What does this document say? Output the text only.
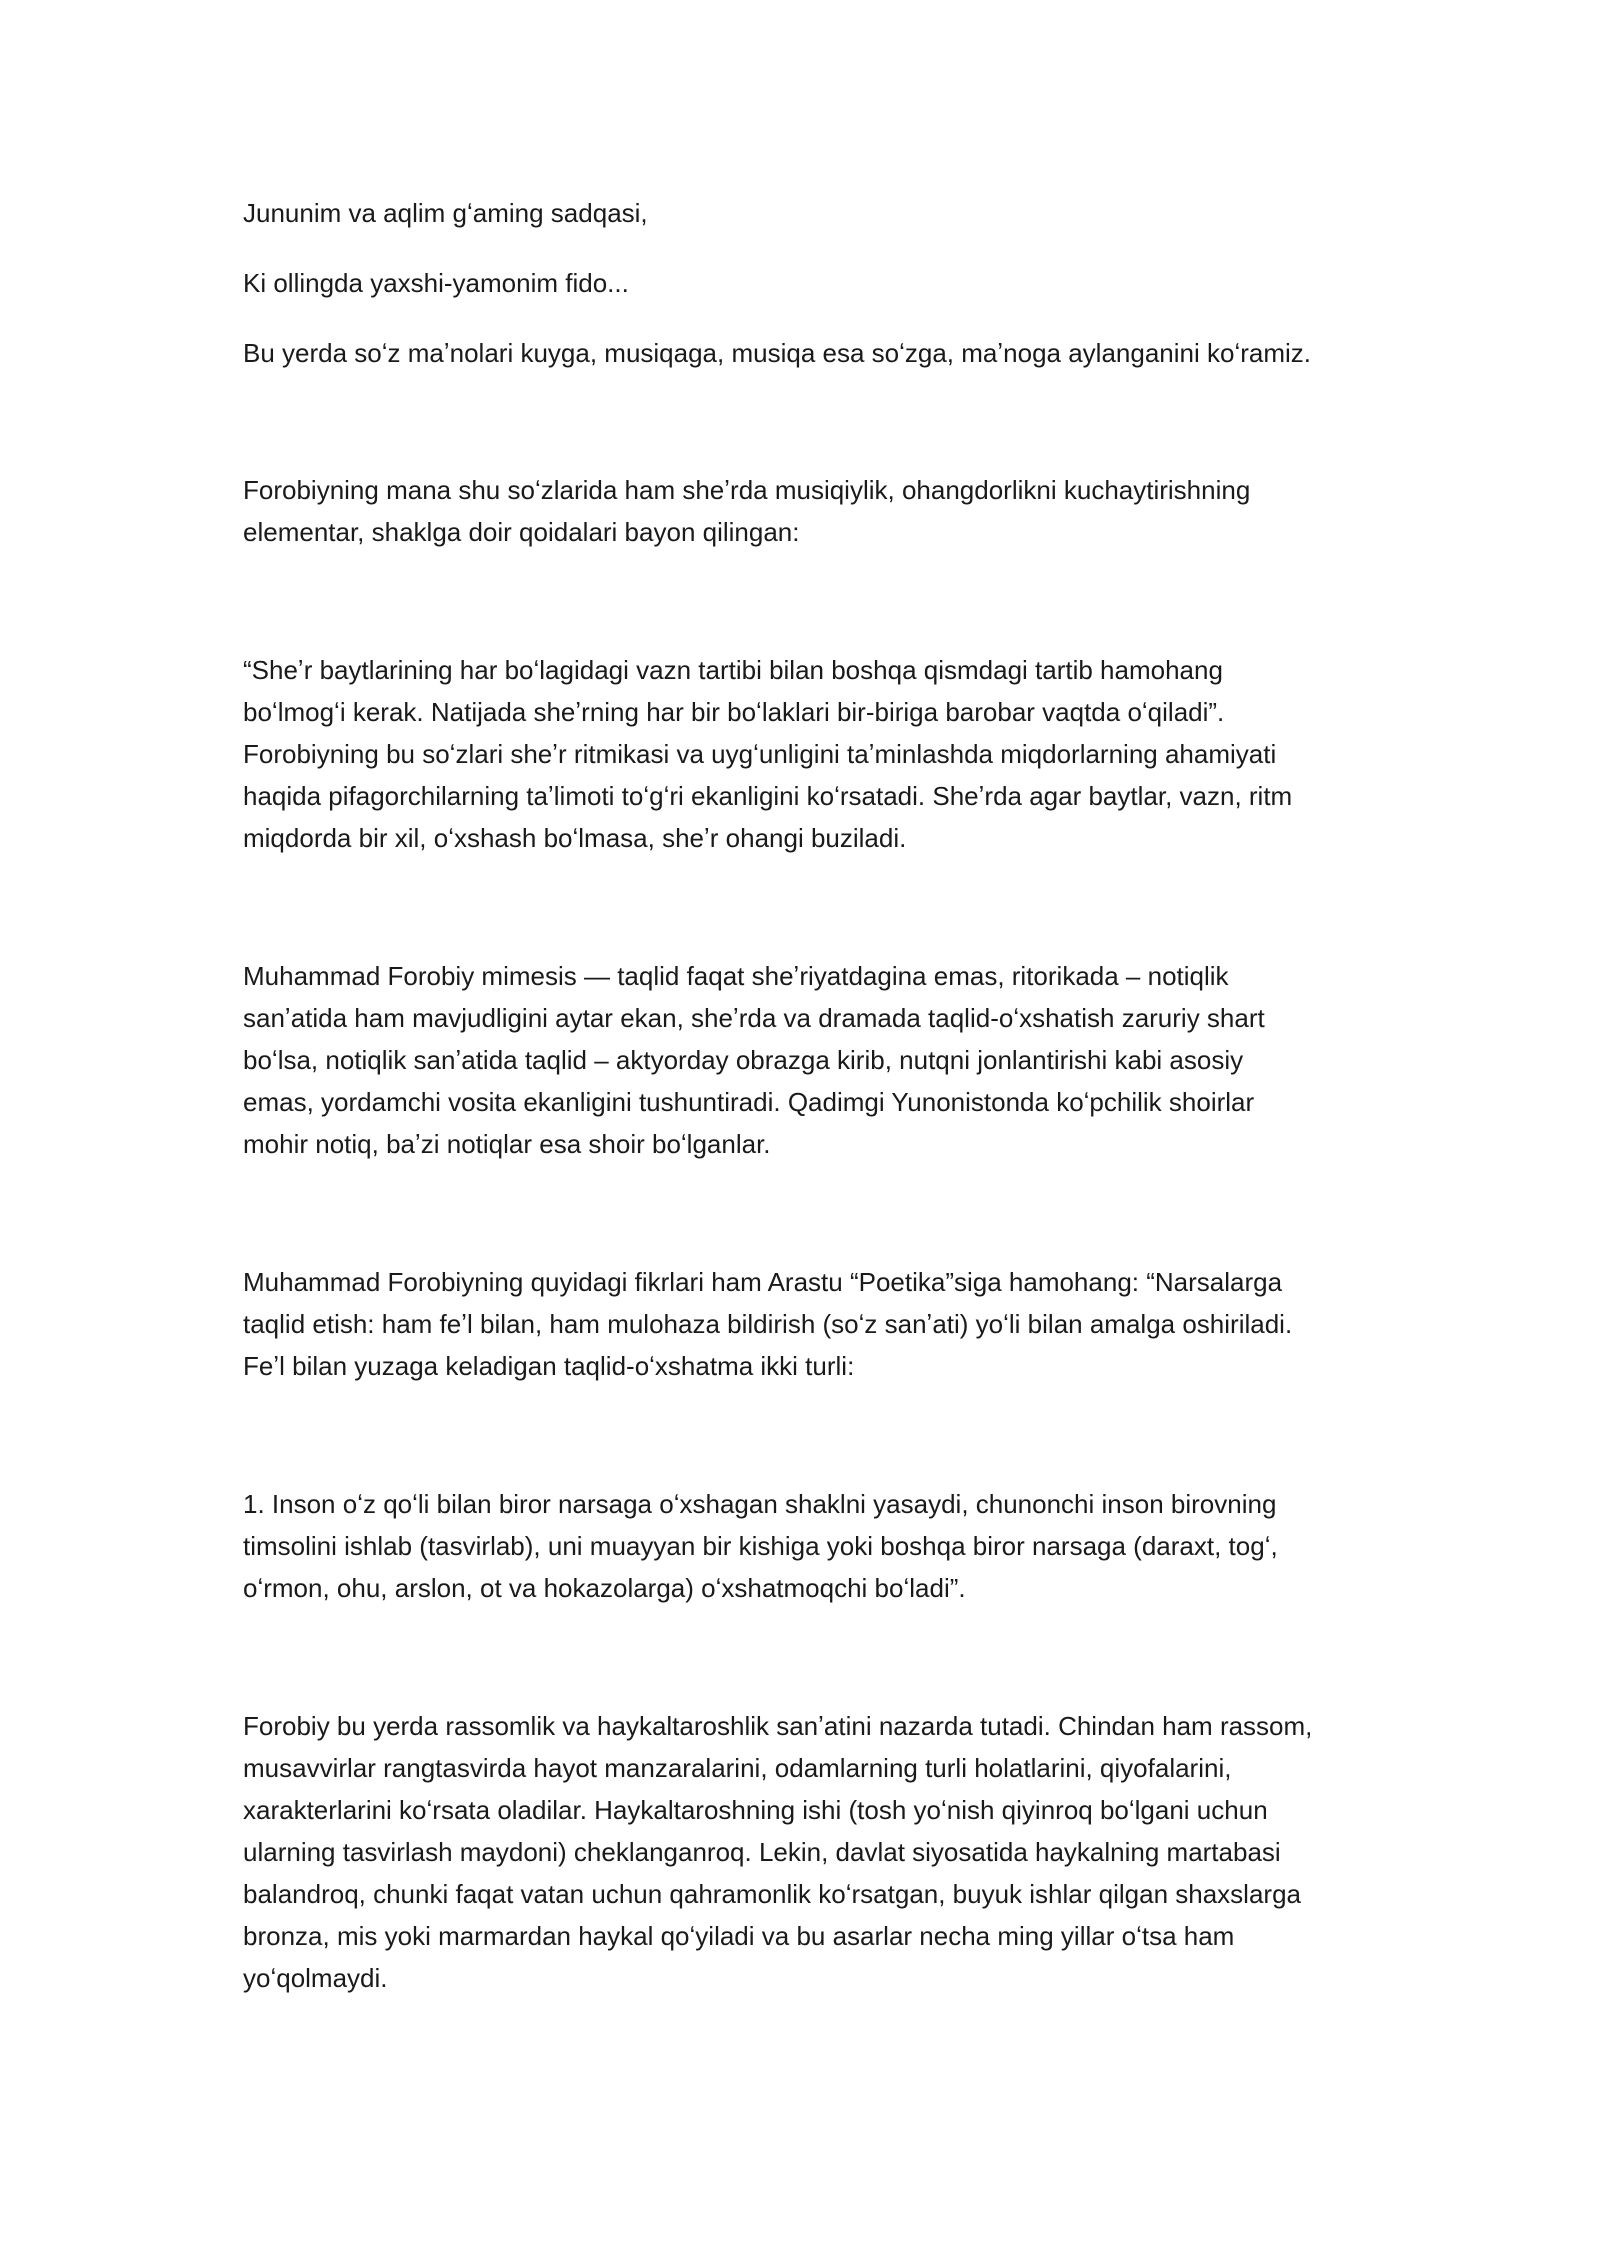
Jununim va aqlim gʻaming sadqasi,

Ki ollingda yaxshi-yamonim fido...

Bu yerda soʻz maʼnolari kuyga, musiqaga, musiqa esa soʻzga, maʼnoga aylanganini koʻramiz.

Forobiyning mana shu soʻzlarida ham sheʼrda musiqiylik, ohangdorlikni kuchaytirishning
elementar, shaklga doir qoidalari bayon qilingan:

“Sheʼr baytlarining har boʻlagidagi vazn tartibi bilan boshqa qismdagi tartib hamohang
boʻlmogʻi kerak. Natijada sheʼrning har bir boʻlaklari bir-biriga barobar vaqtda oʻqiladi”.
Forobiyning bu soʻzlari sheʼr ritmikasi va uygʻunligini taʼminlashda miqdorlarning ahamiyati
haqida pifagorchilarning taʼlimoti toʻgʻri ekanligini koʻrsatadi. Sheʼrda agar baytlar, vazn, ritm
miqdorda bir xil, oʻxshash boʻlmasa, sheʼr ohangi buziladi.

Muhammad Forobiy mimesis — taqlid faqat sheʼriyatdagina emas, ritorikada – notiqlik
sanʼatida ham mavjudligini aytar ekan, sheʼrda va dramada taqlid-oʻxshatish zaruriy shart
boʻlsa, notiqlik sanʼatida taqlid – aktyorday obrazga kirib, nutqni jonlantirishi kabi asosiy
emas, yordamchi vosita ekanligini tushuntiradi. Qadimgi Yunonistonda koʻpchilik shoirlar
mohir notiq, baʼzi notiqlar esa shoir boʻlganlar.

Muhammad Forobiyning quyidagi fikrlari ham Arastu “Poetika”siga hamohang: “Narsalarga
taqlid etish: ham feʼl bilan, ham mulohaza bildirish (soʻz sanʼati) yoʻli bilan amalga oshiriladi.
Feʼl bilan yuzaga keladigan taqlid-oʻxshatma ikki turli:

1. Inson oʻz qoʻli bilan biror narsaga oʻxshagan shaklni yasaydi, chunonchi inson birovning
timsolini ishlab (tasvirlab), uni muayyan bir kishiga yoki boshqa biror narsaga (daraxt, togʻ,
oʻrmon, ohu, arslon, ot va hokazolarga) oʻxshatmoqchi boʻladi”.

Forobiy bu yerda rassomlik va haykaltaroshlik sanʼatini nazarda tutadi. Chindan ham rassom,
musavvirlar rangtasvirda hayot manzaralarini, odamlarning turli holatlarini, qiyofalarini,
xarakterlarini koʻrsata oladilar. Haykaltaroshning ishi (tosh yoʻnish qiyinroq boʻlgani uchun
ularning tasvirlash maydoni) cheklanganroq. Lekin, davlat siyosatida haykalning martabasi
balandroq, chunki faqat vatan uchun qahramonlik koʻrsatgan, buyuk ishlar qilgan shaxslarga
bronza, mis yoki marmardan haykal qoʻyiladi va bu asarlar necha ming yillar oʻtsa ham
yoʻqolmaydi.
